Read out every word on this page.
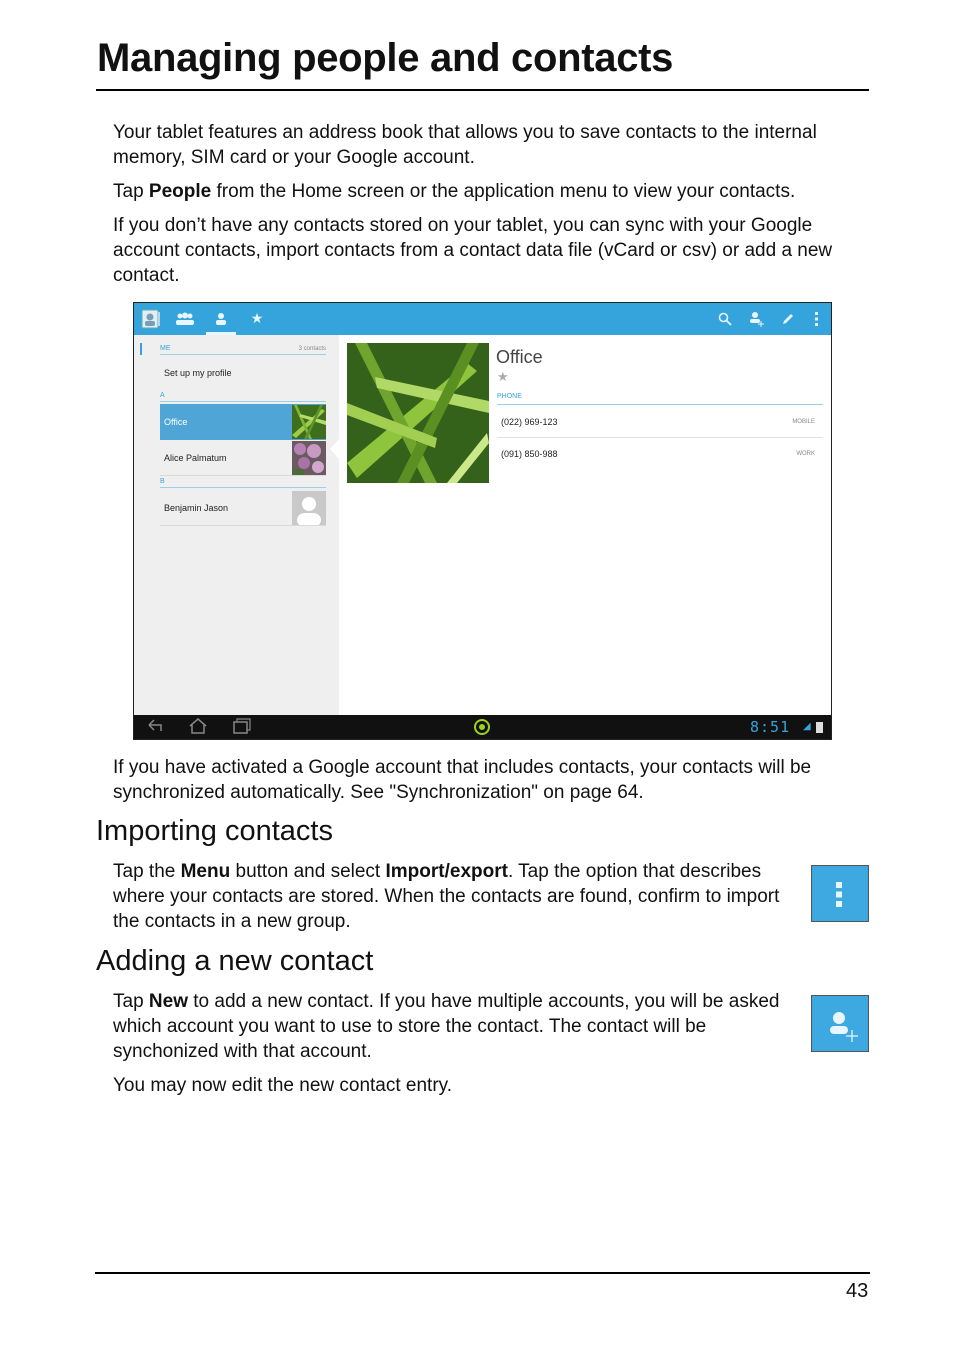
Managing people and contacts

Your tablet features an address book that allows you to save contacts to the internal memory, SIM card or your Google account.

Tap People from the Home screen or the application menu to view your contacts.

If you don’t have any contacts stored on your tablet, you can sync with your Google account contacts, import contacts from a contact data file (vCard or csv) or add a new contact.

★
ME	3 contacts
Set up my profile
A
Office
Alice Palmatum
B
Benjamin Jason
Office
★
PHONE
(022) 969-123	MOBILE
(091) 850-988	WORK
8:51 ◢

If you have activated a Google account that includes contacts, your contacts will be synchronized automatically. See "Synchronization" on page 64.

Importing contacts

Tap the Menu button and select Import/export. Tap the option that describes where your contacts are stored. When the contacts are found, confirm to import the contacts in a new group.

Adding a new contact

Tap New to add a new contact. If you have multiple accounts, you will be asked which account you want to use to store the contact. The contact will be synchonized with that account.

You may now edit the new contact entry.

43
